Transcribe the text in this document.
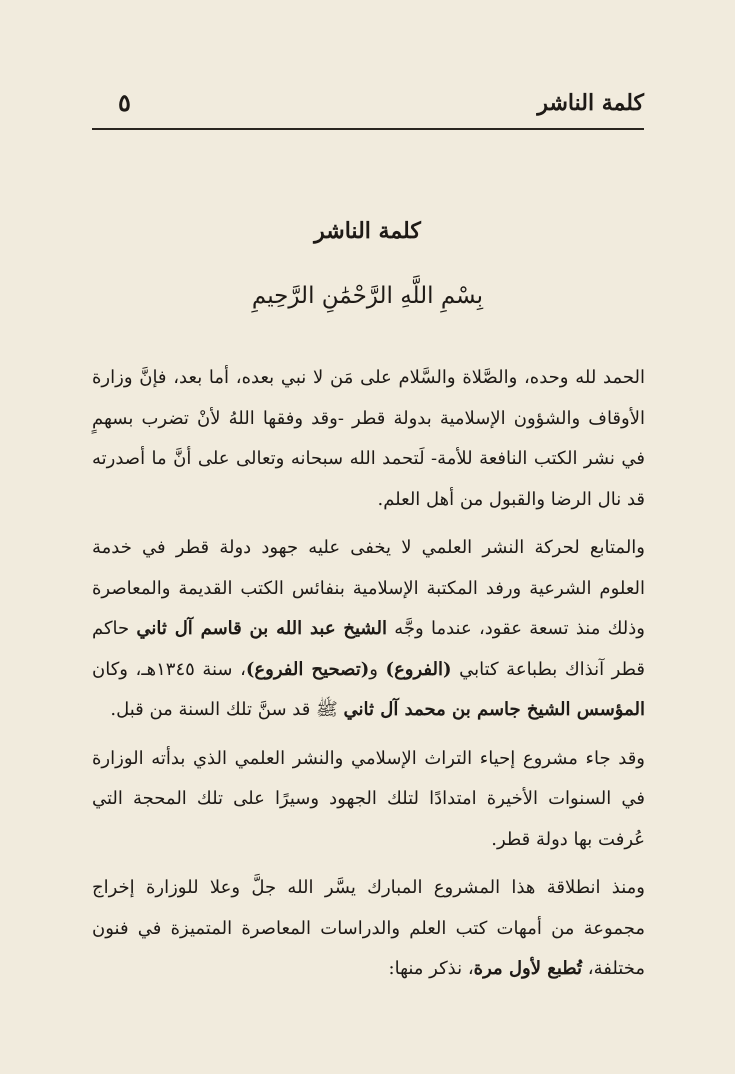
كلمة الناشر
٥
كلمة الناشر
بِسْمِ اللَّهِ الرَّحْمَٰنِ الرَّحِيمِ

الحمد لله وحده، والصَّلاة والسَّلام على مَن لا نبي بعده، أما بعد، فإنَّ وزارة الأوقاف والشؤون الإسلامية بدولة قطر -وقد وفقها اللهُ لأنْ تضرب بسهمٍ في نشر الكتب النافعة للأمة- لَتحمد الله سبحانه وتعالى على أنَّ ما أصدرته قد نال الرضا والقبول من أهل العلم.

والمتابع لحركة النشر العلمي لا يخفى عليه جهود دولة قطر في خدمة العلوم الشرعية ورفد المكتبة الإسلامية بنفائس الكتب القديمة والمعاصرة وذلك منذ تسعة عقود، عندما وجَّه الشيخ عبد الله بن قاسم آل ثاني حاكم قطر آنذاك بطباعة كتابي (الفروع) و(تصحيح الفروع)، سنة ١٣٤٥هـ، وكان المؤسس الشيخ جاسم بن محمد آل ثاني ﷺ قد سنَّ تلك السنة من قبل.

وقد جاء مشروع إحياء التراث الإسلامي والنشر العلمي الذي بدأته الوزارة في السنوات الأخيرة امتدادًا لتلك الجهود وسيرًا على تلك المحجة التي عُرفت بها دولة قطر.

ومنذ انطلاقة هذا المشروع المبارك يسَّر الله جلَّ وعلا للوزارة إخراج مجموعة من أمهات كتب العلم والدراسات المعاصرة المتميزة في فنون مختلفة، تُطبع لأول مرة، نذكر منها:
